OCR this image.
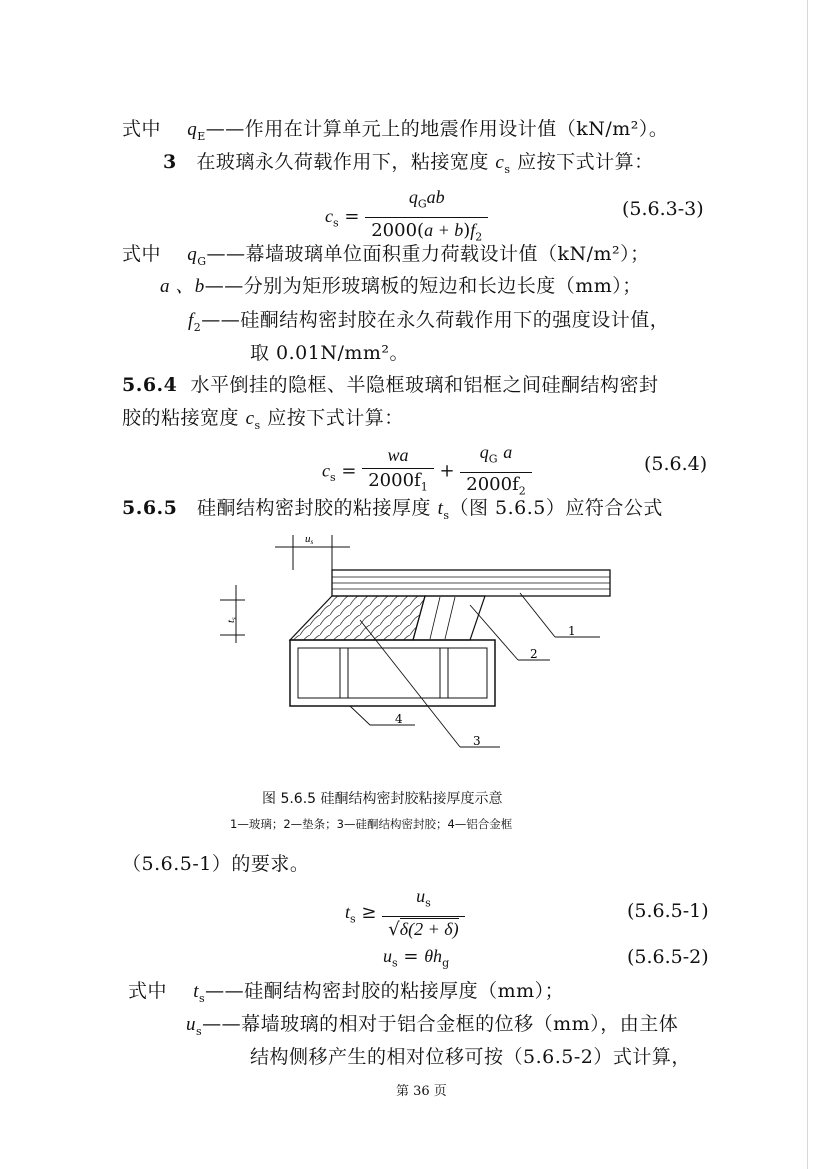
式中 $q_E——$作用在计算单元上的地震作用设计值（kN/m²）。
3 在玻璃永久荷载作用下，粘接宽度 $c_s$ 应按下式计算：
$c_s = \frac{q_Gab}{2000(a + b)f_2}$	(5.6.3-3)
式中 $q_G——$幕墙玻璃单位面积重力荷载设计值（kN/m²）；
a 、b——分别为矩形玻璃板的短边和长边长度（mm）；
$f_2——$硅酮结构密封胶在永久荷载作用下的强度设计值，
取 0.01N/mm²。
5.6.4 水平倒挂的隐框、半隐框玻璃和铝框之间硅酮结构密封
胶的粘接宽度 $c_s$ 应按下式计算：
$c_s = \frac{wa}{2000f_1} + \frac{q_G a}{2000f_2}$	(5.6.4)
5.6.5 硅酮结构密封胶的粘接厚度 $t_s$（图 5.6.5）应符合公式
us
ts
1
2
3
4
图 5.6.5 硅酮结构密封胶粘接厚度示意
1—玻璃；2—垫条；3—硅酮结构密封胶；4—铝合金框
（5.6.5-1）的要求。
$t_s \ge \frac{u_s}{√\delta(2 + \delta)}$	(5.6.5-1)
$u_s = \theta h_g$	(5.6.5-2)
式中 $t_s——$硅酮结构密封胶的粘接厚度（mm）；
$u_s——$幕墙玻璃的相对于铝合金框的位移（mm），由主体
结构侧移产生的相对位移可按（5.6.5-2）式计算，
第 36 页
